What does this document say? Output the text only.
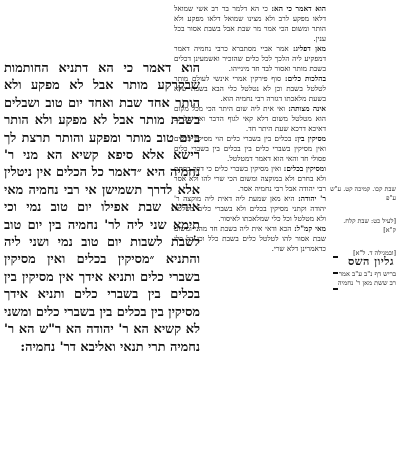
הוא דאמר כי הא: כי הא דלמר בר רב אשי שמואל דלאו מפקע לרב ולא מצינו שמואל דלאו מפקע ולא הותר ומשום הכי אמר מר שבת אבל בשבת אסור בכל ענין.
מאן דפליג: אמר אביי מסתברא כרבי נחמיה דאמר דמפקיע ליה הלכך לכל כלים שהזכיר ואשמעינן דכלים בשבת מותר ואסור לבד חד מינייהו.
בהלכות כלים: סוף פירקין אמרי אינשי לעולם מותר לטלטל בשבת וכן לא נטלטל כלי הבא בשבת שלא בשעת מלאכתו דגזרה רבי נחמיה הוא.
אינה מצותה: ואי אית ליה שום היתר הכי מכל מקום הוא מטלטל משום דלא קאי לגוף הדבר ואף על גב דאיכא דרכא שעת היתר חד.
מסיקין בין: בכלים בין בשברי כלים הוי מסיקין בכלים ואין מסיקין בשברי כלים בין בכלים בין בשברי כלים פסולי חד והאי הוא דאמר דמטלטל.
ומסיקין בכלים: ואין מסיקין בשברי כלים כי דרך בסתם ולא בחרם ולא במוקצה ומשום הכי שרי להו ולא אסר רבי יהודה אבל רבי נחמיה אסר.
ר' יהודה: היא מאן שמעת ליה דאית ליה מוקצה ר' יהודה וקתני מסיקין בכלים ולא בשברי כלים מטלטל ולא מטלטל וכל כלי שמלאכתו לאיסור.
מאי קמ"ל: הכא ודאי אית ליה בשבת חד מהני ומשום שבת אסור להו לטלטל כלים בשבת כלל וכן כל כלי כדאמרינן דלא שרי.
הוא דאמר כי הא דתניא החותמות שבקרקע מותר אבל לא מפקע ולא הותר אחד שבת ואחד יום טוב ושבלים בשבת מותר אבל לא מפקע ולא הותר ביום טוב מותר ומפקע והותר תרצת לך רישא אלא סיפא קשיא הא מני ר' נחמיה היא ״דאמר כל הכלים אין ניטלין אלא לדרך תשמישן אי רבי נחמיה מאי איריא שבת אפילו יום טוב נמי וכי תימא שני ליה לר' נחמיה בין יום טוב לשבת לשבות יום טוב נמי ושני ליה והתניא ״מסיקין בכלים ואין מסיקין בשברי כלים ותניא אידך אין מסיקין בין בכלים בין בשברי כלים ותניא אידך מסיקין בין בכלים בין בשברי כלים ומשני לא קשיא הא ר' יהודה הא ר"ש הא ר' נחמיה תרי תנאי ואליבא דר' נחמיה:
שבת קכו. קמיכה קט. ע"ש ע"פ
[לעיל כט: שבת קלח. ק"א]
[ובמגילה ד. ל"א]
גליון השס
בריש דף נ"ב ע"ב אמר רב ששת מאן ר' נחמיה
